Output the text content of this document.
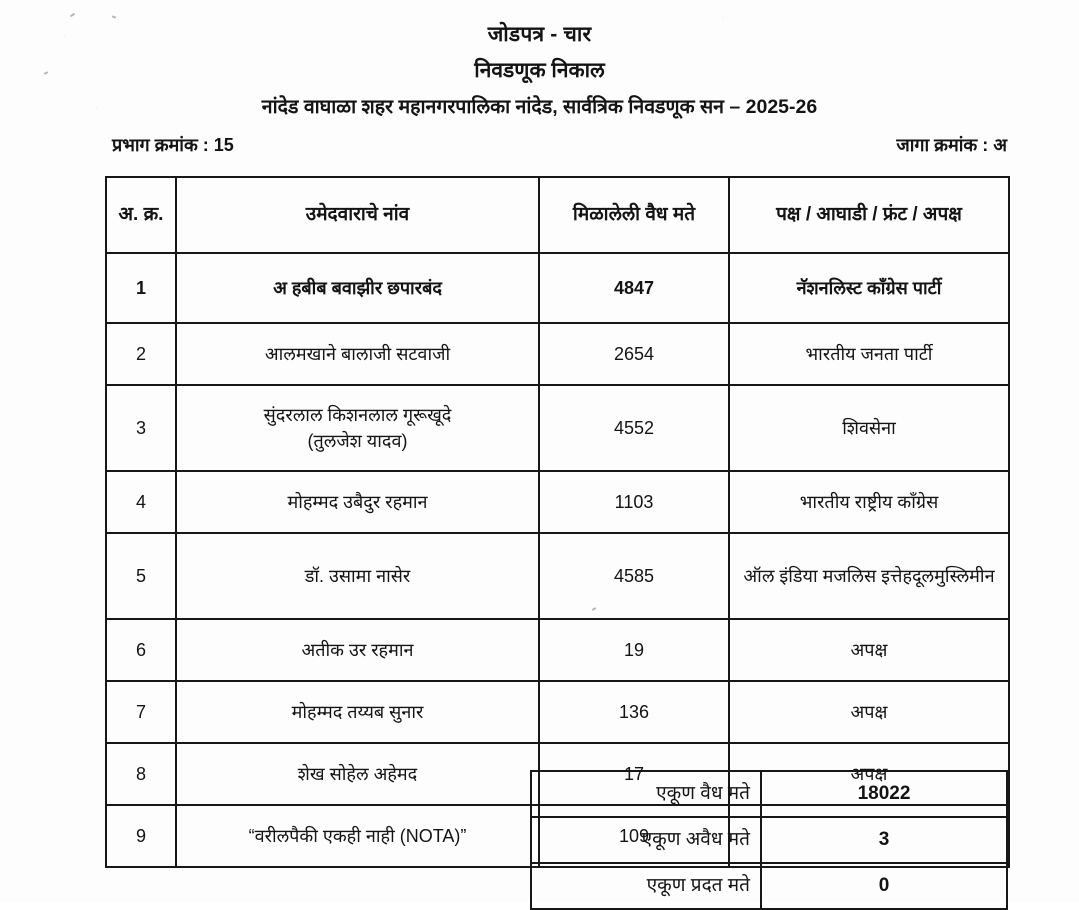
जोडपत्र - चार
निवडणूक निकाल
नांदेड वाघाळा शहर महानगरपालिका नांदेड, सार्वत्रिक निवडणूक सन – 2025-26
प्रभाग क्रमांक : 15	जागा क्रमांक : अ
अ. क्र.	उमेदवाराचे नांव	मिळालेली वैध मते	पक्ष / आघाडी / फ्रंट / अपक्ष
1	अ हबीब बवाझीर छपारबंद	4847	नॅशनलिस्ट काँग्रेस पार्टी
2	आलमखाने बालाजी सटवाजी	2654	भारतीय जनता पार्टी
3	सुंदरलाल किशनलाल गूरूखूदे
(तुलजेश यादव)	4552	शिवसेना
4	मोहम्मद उबैदुर रहमान	1103	भारतीय राष्ट्रीय काँग्रेस
5	डॉ. उसामा नासेर	4585	ऑल इंडिया मजलिस इत्तेहदूलमुस्लिमीन
6	अतीक उर रहमान	19	अपक्ष
7	मोहम्मद तय्यब सुनार	136	अपक्ष
8	शेख सोहेल अहेमद	17	अपक्ष
9	“वरीलपैकी एकही नाही (NOTA)”	109	
एकूण वैध मते	18022
एकूण अवैध मते	3
एकूण प्रदत मते	0
